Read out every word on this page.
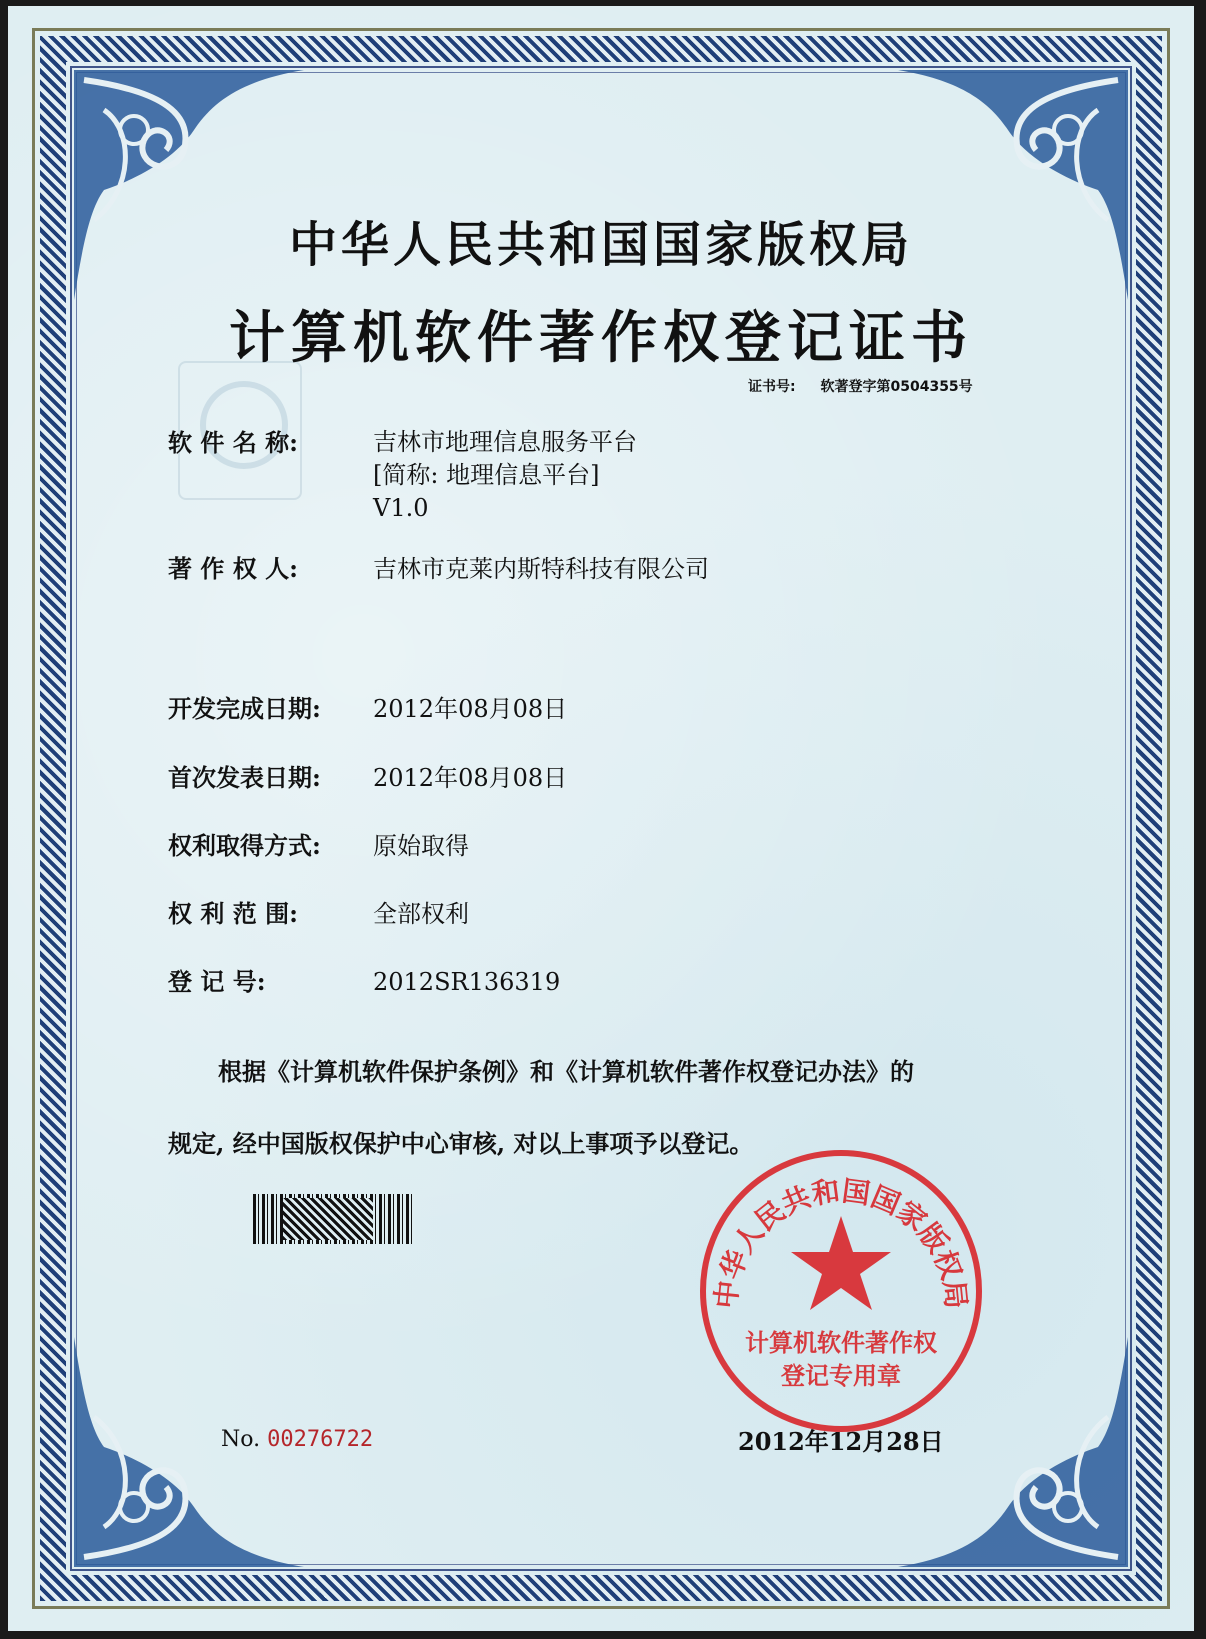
中华人民共和国国家版权局
计算机软件著作权登记证书
证书号: 软著登字第0504355号
软 件 名 称:	吉林市地理信息服务平台
[简称: 地理信息平台]
V1.0
著 作 权 人:	吉林市克莱内斯特科技有限公司
开发完成日期: 2012年08月08日
首次发表日期: 2012年08月08日
权利取得方式: 原始取得
权 利 范 围:	全部权利
登 记 号:	2012SR136319
根据《计算机软件保护条例》和《计算机软件著作权登记办法》的
规定, 经中国版权保护中心审核, 对以上事项予以登记。
中华人民共和国国家版权局
计算机软件著作权
登记专用章
No. 00276722	2012年12月28日
